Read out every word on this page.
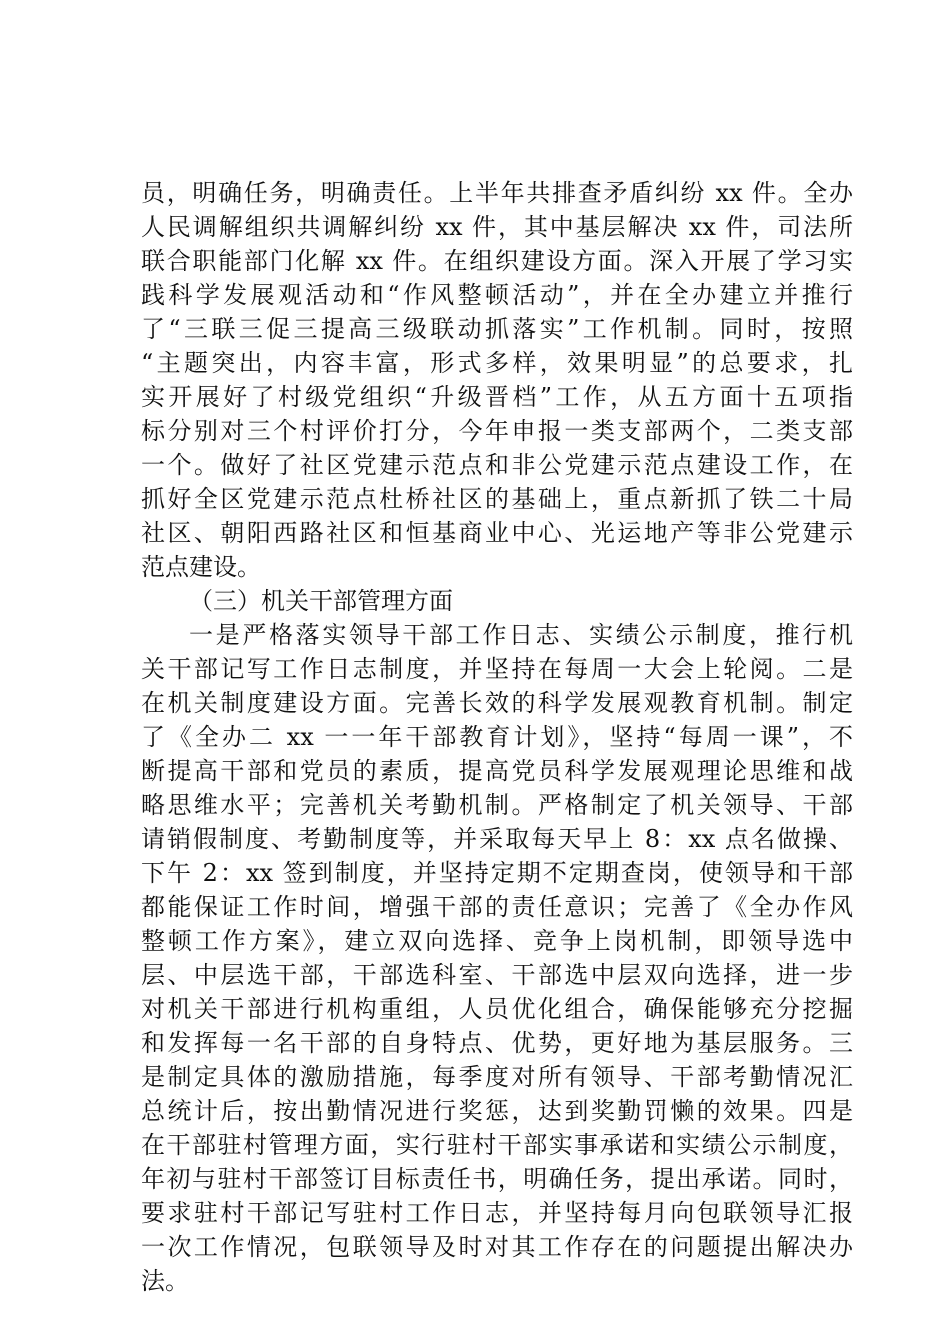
员，明确任务，明确责任。上半年共排查矛盾纠纷 xx 件。全办
人民调解组织共调解纠纷 xx 件，其中基层解决 xx 件，司法所
联合职能部门化解 xx 件。在组织建设方面。深入开展了学习实
践科学发展观活动和“作风整顿活动”，并在全办建立并推行
了“三联三促三提高三级联动抓落实”工作机制。同时，按照
“主题突出，内容丰富，形式多样，效果明显”的总要求，扎
实开展好了村级党组织“升级晋档”工作，从五方面十五项指
标分别对三个村评价打分，今年申报一类支部两个，二类支部
一个。做好了社区党建示范点和非公党建示范点建设工作，在
抓好全区党建示范点杜桥社区的基础上，重点新抓了铁二十局
社区、朝阳西路社区和恒基商业中心、光运地产等非公党建示
范点建设。
（三）机关干部管理方面
一是严格落实领导干部工作日志、实绩公示制度，推行机
关干部记写工作日志制度，并坚持在每周一大会上轮阅。二是
在机关制度建设方面。完善长效的科学发展观教育机制。制定
了《全办二 xx 一一年干部教育计划》，坚持“每周一课”，不
断提高干部和党员的素质，提高党员科学发展观理论思维和战
略思维水平；完善机关考勤机制。严格制定了机关领导、干部
请销假制度、考勤制度等，并采取每天早上 8：xx 点名做操、
下午 2：xx 签到制度，并坚持定期不定期查岗，使领导和干部
都能保证工作时间，增强干部的责任意识；完善了《全办作风
整顿工作方案》，建立双向选择、竞争上岗机制，即领导选中
层、中层选干部，干部选科室、干部选中层双向选择，进一步
对机关干部进行机构重组，人员优化组合，确保能够充分挖掘
和发挥每一名干部的自身特点、优势，更好地为基层服务。三
是制定具体的激励措施，每季度对所有领导、干部考勤情况汇
总统计后，按出勤情况进行奖惩，达到奖勤罚懒的效果。四是
在干部驻村管理方面，实行驻村干部实事承诺和实绩公示制度，
年初与驻村干部签订目标责任书，明确任务，提出承诺。同时，
要求驻村干部记写驻村工作日志，并坚持每月向包联领导汇报
一次工作情况，包联领导及时对其工作存在的问题提出解决办
法。
